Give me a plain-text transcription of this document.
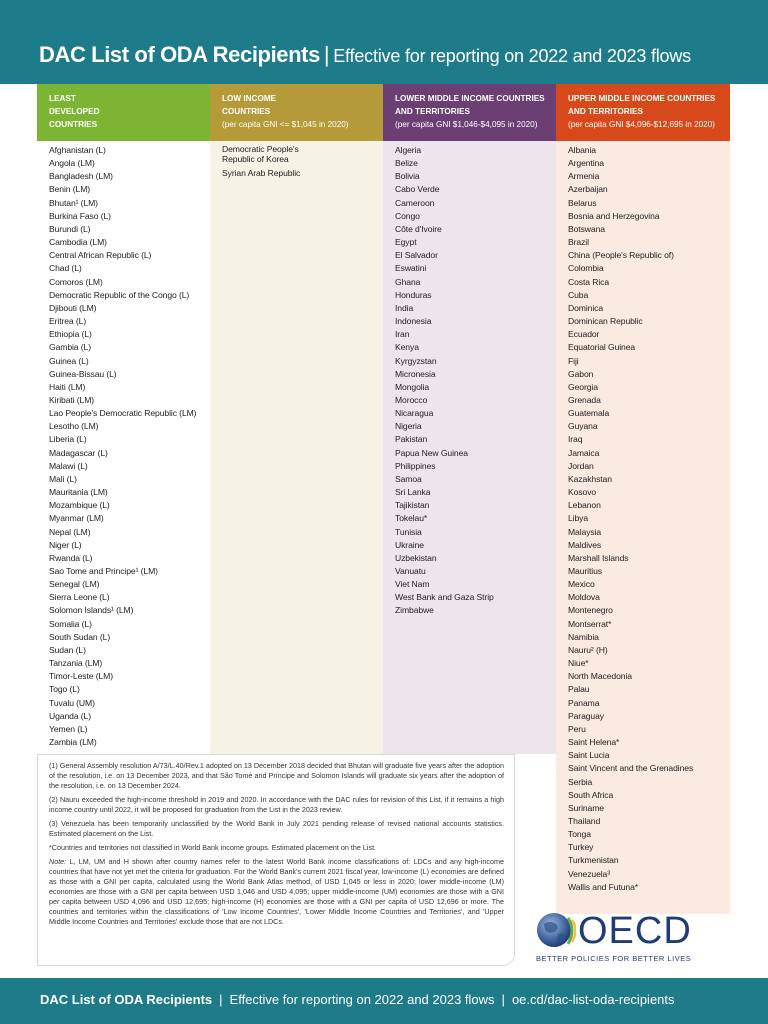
DAC List of ODA Recipients | Effective for reporting on 2022 and 2023 flows
LEAST
DEVELOPED
COUNTRIES
Afghanistan (L)
Angola (LM)
Bangladesh (LM)
Benin (LM)
Bhutan¹ (LM)
Burkina Faso (L)
Burundi (L)
Cambodia (LM)
Central African Republic (L)
Chad (L)
Comoros (LM)
Democratic Republic of the Congo (L)
Djibouti (LM)
Eritrea (L)
Ethiopia (L)
Gambia (L)
Guinea (L)
Guinea-Bissau (L)
Haiti (LM)
Kiribati (LM)
Lao People's Democratic Republic (LM)
Lesotho (LM)
Liberia (L)
Madagascar (L)
Malawi (L)
Mali (L)
Mauritania (LM)
Mozambique (L)
Myanmar (LM)
Nepal (LM)
Niger (L)
Rwanda (L)
Sao Tome and Principe¹ (LM)
Senegal (LM)
Sierra Leone (L)
Solomon Islands¹ (LM)
Somalia (L)
South Sudan (L)
Sudan (L)
Tanzania (LM)
Timor-Leste (LM)
Togo (L)
Tuvalu (UM)
Uganda (L)
Yemen (L)
Zambia (LM)
LOW INCOME
COUNTRIES
(per capita GNI <= $1,045 in 2020)
Democratic People's Republic of Korea
Syrian Arab Republic
LOWER MIDDLE INCOME COUNTRIES
AND TERRITORIES
(per capita GNI $1,046-$4,095 in 2020)
Algeria
Belize
Bolivia
Cabo Verde
Cameroon
Congo
Côte d'Ivoire
Egypt
El Salvador
Eswatini
Ghana
Honduras
India
Indonesia
Iran
Kenya
Kyrgyzstan
Micronesia
Mongolia
Morocco
Nicaragua
Nigeria
Pakistan
Papua New Guinea
Philippines
Samoa
Sri Lanka
Tajikistan
Tokelau*
Tunisia
Ukraine
Uzbekistan
Vanuatu
Viet Nam
West Bank and Gaza Strip
Zimbabwe
UPPER MIDDLE INCOME COUNTRIES
AND TERRITORIES
(per capita GNI $4,096-$12,695 in 2020)
Albania
Argentina
Armenia
Azerbaijan
Belarus
Bosnia and Herzegovina
Botswana
Brazil
China (People's Republic of)
Colombia
Costa Rica
Cuba
Dominica
Dominican Republic
Ecuador
Equatorial Guinea
Fiji
Gabon
Georgia
Grenada
Guatemala
Guyana
Iraq
Jamaica
Jordan
Kazakhstan
Kosovo
Lebanon
Libya
Malaysia
Maldives
Marshall Islands
Mauritius
Mexico
Moldova
Montenegro
Montserrat*
Namibia
Nauru² (H)
Niue*
North Macedonia
Palau
Panama
Paraguay
Peru
Saint Helena*
Saint Lucia
Saint Vincent and the Grenadines
Serbia
South Africa
Suriname
Thailand
Tonga
Turkey
Turkmenistan
Venezuela³
Wallis and Futuna*

(1) General Assembly resolution A/73/L.40/Rev.1 adopted on 13 December 2018 decided that Bhutan will graduate five years after the adoption of the resolution, i.e. on 13 December 2023, and that São Tomé and Príncipe and Solomon Islands will graduate six years after the adoption of the resolution, i.e. on 13 December 2024.

(2) Nauru exceeded the high-income threshold in 2019 and 2020. In accordance with the DAC rules for revision of this List, if it remains a high income country until 2022, it will be proposed for graduation from the List in the 2023 review.

(3) Venezuela has been temporarily unclassified by the World Bank in July 2021 pending release of revised national accounts statistics. Estimated placement on the List.

*Countries and territories not classified in World Bank income groups. Estimated placement on the List.

Note: L, LM, UM and H shown after country names refer to the latest World Bank income classifications of: LDCs and any high-income countries that have not yet met the criteria for graduation. For the World Bank's current 2021 fiscal year, low-income (L) economies are defined as those with a GNI per capita, calculated using the World Bank Atlas method, of USD 1,045 or less in 2020; lower middle-income (LM) economies are those with a GNI per capita between USD 1,046 and USD 4,095; upper middle-income (UM) economies are those with a GNI per capita between USD 4,096 and USD 12,695; high-income (H) economies are those with a GNI per capita of USD 12,696 or more. The countries and territories within the classifications of 'Low Income Countries', 'Lower Middle Income Countries and Territories', and 'Upper Middle Income Countries and Territories' exclude those that are not LDCs.	OECD
BETTER POLICIES FOR BETTER LIVES
DAC List of ODA Recipients | Effective for reporting on 2022 and 2023 flows | oe.cd/dac-list-oda-recipients
